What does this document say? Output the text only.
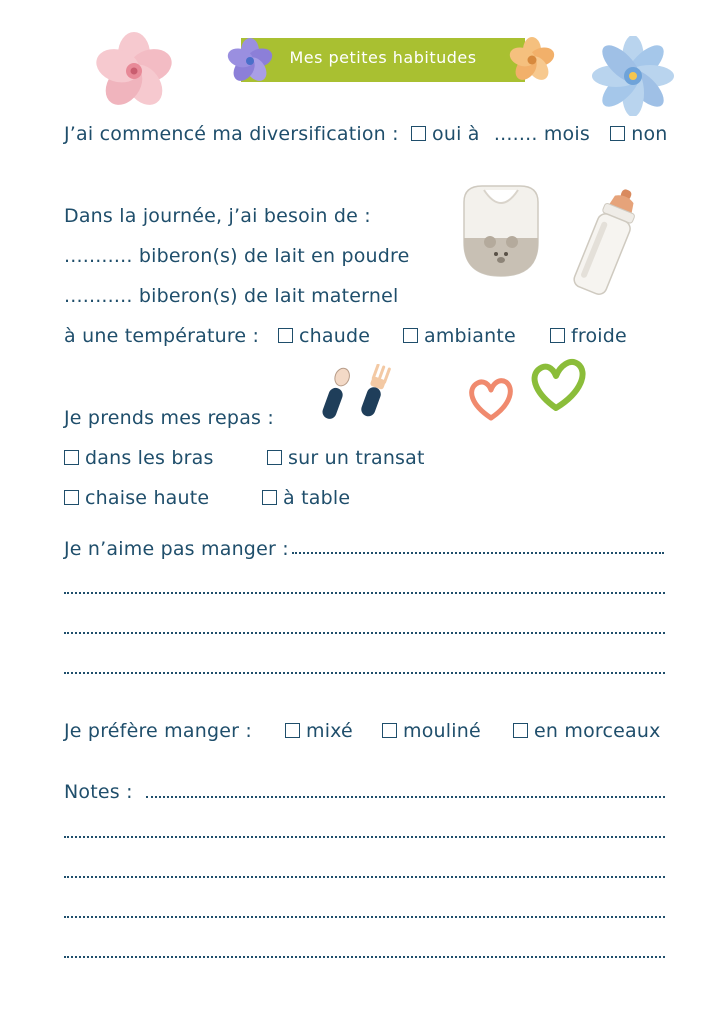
Mes petites habitudes
J’ai commencé ma diversification : oui à ....... mois non
Dans la journée, j’ai besoin de :
........... biberon(s) de lait en poudre
........... biberon(s) de lait maternel
à une température :	chaude	ambiante	froide
Je prends mes repas :
dans les bras	sur un transat
chaise haute	à table
Je n’aime pas manger :
Je préfère manger :	mixé	mouliné	en morceaux
Notes :
